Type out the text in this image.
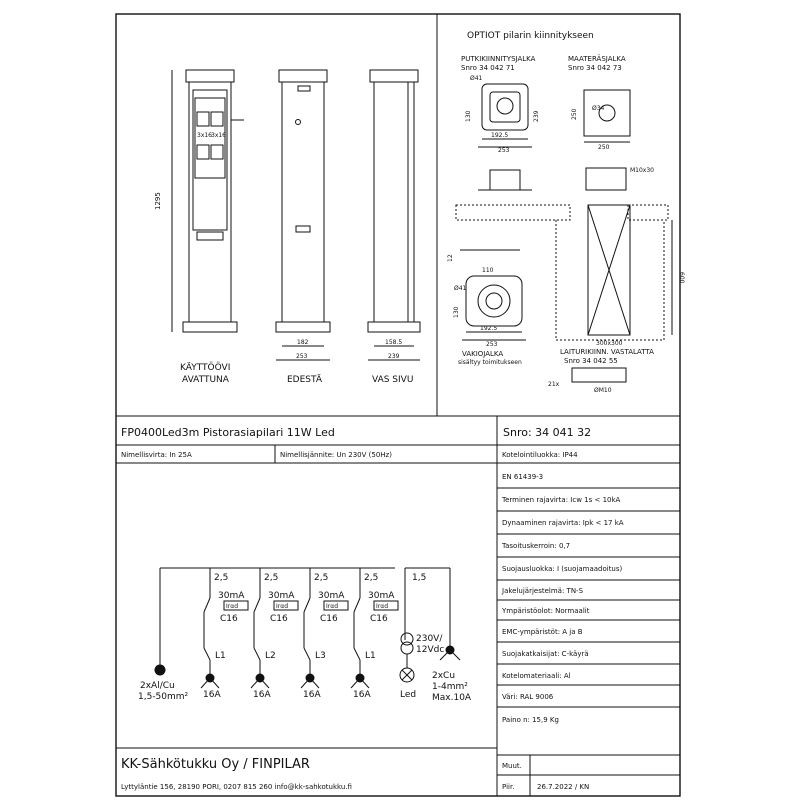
1295
3x16
3x16
KÄYTTÖÖVI
AVATTUNA
182
253
EDESTÄ
158.5
239
VAS SIVU
OPTIOT pilarin kiinnitykseen
PUTKIKIINNITYSJALKA
Snro 34 042 71
MAATERÄSJALKA
Snro 34 042 73
192.5
253
130	239
Ø41
250
250
Ø34
M10x30
600
300x300
12
110
Ø41
192.5
253
130
VAKIOJALKA
sisältyy toimitukseen
LAITURIKIINN. VASTALATTA
Snro 34 042 55
21x
ØM10
FP0400Led3m Pistorasiapilari 11W Led	Snro: 34 041 32
Nimellisvirta: In 25A	Nimellisjännite: Un 230V (50Hz)	Kotelointiluokka: IP44
EN 61439-3
Terminen rajavirta: Icw 1s < 10kA
Dynaaminen rajavirta: Ipk < 17 kA
Tasoituskerroin: 0,7
Suojausluokka: I (suojamaadoitus)
Jakelujärjestelmä: TN-S
Ympäristöolot: Normaalit
EMC-ympäristöt: A ja B
Suojakatkaisijat: C-käyrä
Kotelomateriaali: Al
Väri: RAL 9006
Paino n: 15,9 Kg
2xAl/Cu
1,5-50mm²
2,5
30mA
Irαd
C16
L1
16A
2,5
30mA
Irαd
C16
L2
16A
2,5
30mA
Irαd
C16
L3
16A
2,5
30mA
Irαd
C16
L1
16A
1,5
230V/
12Vdc
Led
2xCu
1-4mm²
Max.10A
KK-Sähkötukku Oy / FINPILAR
Lyttyläntie 156, 28190 PORI, 0207 815 260 info@kk-sahkotukku.fi
Muut.
Piir.	26.7.2022 / KN
